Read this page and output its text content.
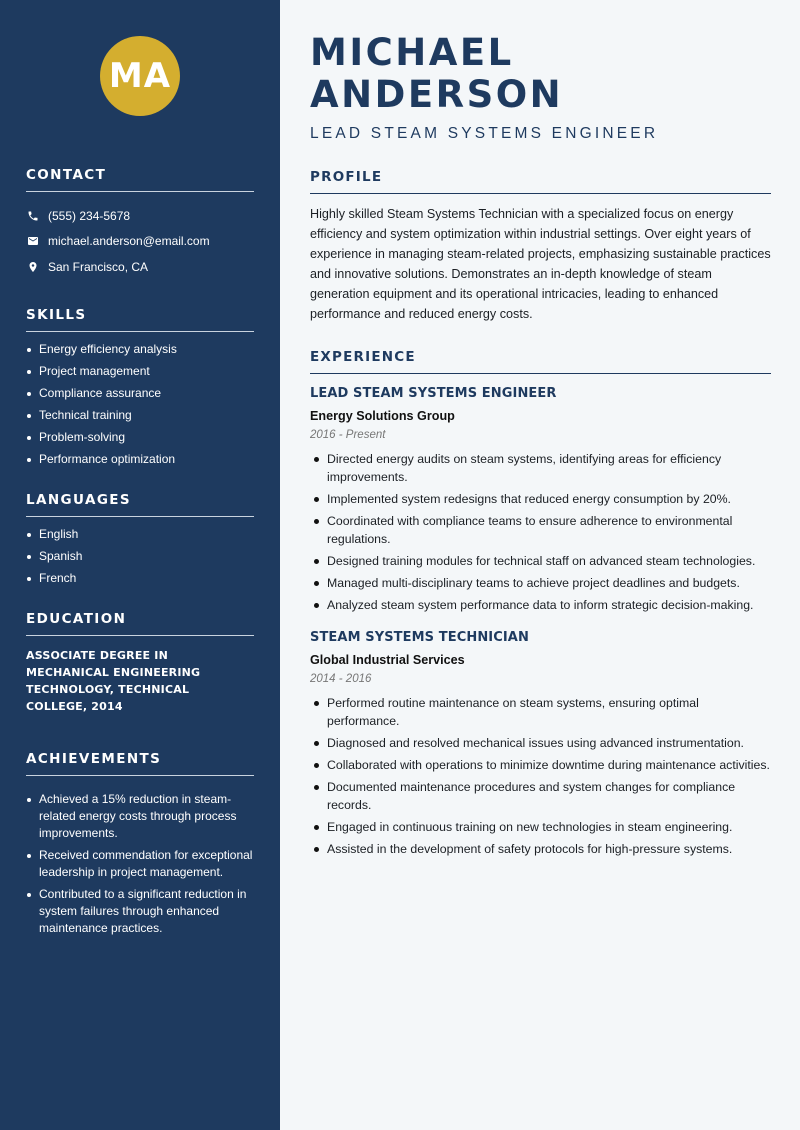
MA
CONTACT
(555) 234-5678
michael.anderson@email.com
San Francisco, CA
SKILLS
Energy efficiency analysis
Project management
Compliance assurance
Technical training
Problem-solving
Performance optimization
LANGUAGES
English
Spanish
French
EDUCATION

ASSOCIATE DEGREE IN MECHANICAL ENGINEERING TECHNOLOGY, TECHNICAL COLLEGE, 2014

ACHIEVEMENTS
Achieved a 15% reduction in steam-related energy costs through process improvements.
Received commendation for exceptional leadership in project management.
Contributed to a significant reduction in system failures through enhanced maintenance practices.
MICHAEL ANDERSON
LEAD STEAM SYSTEMS ENGINEER
PROFILE

Highly skilled Steam Systems Technician with a specialized focus on energy efficiency and system optimization within industrial settings. Over eight years of experience in managing steam-related projects, emphasizing sustainable practices and innovative solutions. Demonstrates an in-depth knowledge of steam generation equipment and its operational intricacies, leading to enhanced performance and reduced energy costs.

EXPERIENCE
LEAD STEAM SYSTEMS ENGINEER
Energy Solutions Group
2016 - Present
Directed energy audits on steam systems, identifying areas for efficiency improvements.
Implemented system redesigns that reduced energy consumption by 20%.
Coordinated with compliance teams to ensure adherence to environmental regulations.
Designed training modules for technical staff on advanced steam technologies.
Managed multi-disciplinary teams to achieve project deadlines and budgets.
Analyzed steam system performance data to inform strategic decision-making.
STEAM SYSTEMS TECHNICIAN
Global Industrial Services
2014 - 2016
Performed routine maintenance on steam systems, ensuring optimal performance.
Diagnosed and resolved mechanical issues using advanced instrumentation.
Collaborated with operations to minimize downtime during maintenance activities.
Documented maintenance procedures and system changes for compliance records.
Engaged in continuous training on new technologies in steam engineering.
Assisted in the development of safety protocols for high-pressure systems.
